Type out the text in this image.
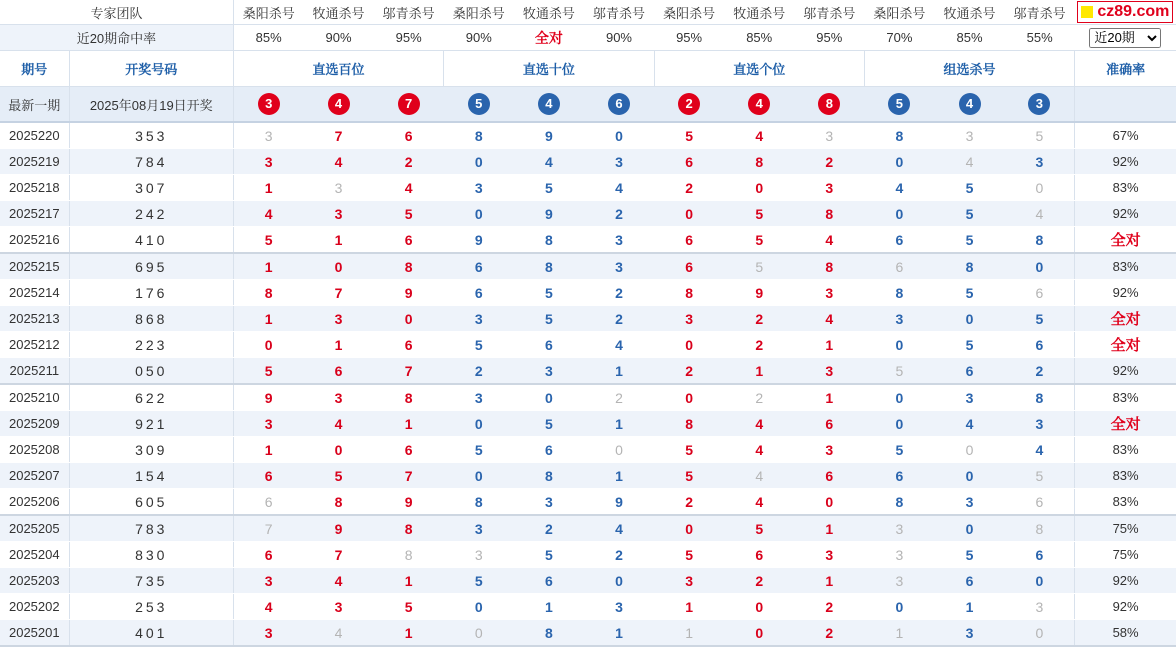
专家团队		桑阳杀号	牧通杀号	邬青杀号	桑阳杀号	牧通杀号	邬青杀号	桑阳杀号	牧通杀号	邬青杀号	桑阳杀号	牧通杀号	邬青杀号	cz89.com

近20期命中率		85%	90%	95%	90%	全对	90%	95%	85%	95%	70%	85%	55%	
近20期
期号	开奖号码	直选百位			直选十位			直选个位			组选杀号			准确率
最新一期	2025年08月19日开奖	3	4	7	5	4	6	2	4	8	5	4	3	
2025220	353	3	7	6	8	9	0	5	4	3	8	3	5	67%
2025219	784	3	4	2	0	4	3	6	8	2	0	4	3	92%
2025218	307	1	3	4	3	5	4	2	0	3	4	5	0	83%
2025217	242	4	3	5	0	9	2	0	5	8	0	5	4	92%
2025216	410	5	1	6	9	8	3	6	5	4	6	5	8	全对
2025215	695	1	0	8	6	8	3	6	5	8	6	8	0	83%
2025214	176	8	7	9	6	5	2	8	9	3	8	5	6	92%
2025213	868	1	3	0	3	5	2	3	2	4	3	0	5	全对
2025212	223	0	1	6	5	6	4	0	2	1	0	5	6	全对
2025211	050	5	6	7	2	3	1	2	1	3	5	6	2	92%
2025210	622	9	3	8	3	0	2	0	2	1	0	3	8	83%
2025209	921	3	4	1	0	5	1	8	4	6	0	4	3	全对
2025208	309	1	0	6	5	6	0	5	4	3	5	0	4	83%
2025207	154	6	5	7	0	8	1	5	4	6	6	0	5	83%
2025206	605	6	8	9	8	3	9	2	4	0	8	3	6	83%
2025205	783	7	9	8	3	2	4	0	5	1	3	0	8	75%
2025204	830	6	7	8	3	5	2	5	6	3	3	5	6	75%
2025203	735	3	4	1	5	6	0	3	2	1	3	6	0	92%
2025202	253	4	3	5	0	1	3	1	0	2	0	1	3	92%
2025201	401	3	4	1	0	8	1	1	0	2	1	3	0	58%
